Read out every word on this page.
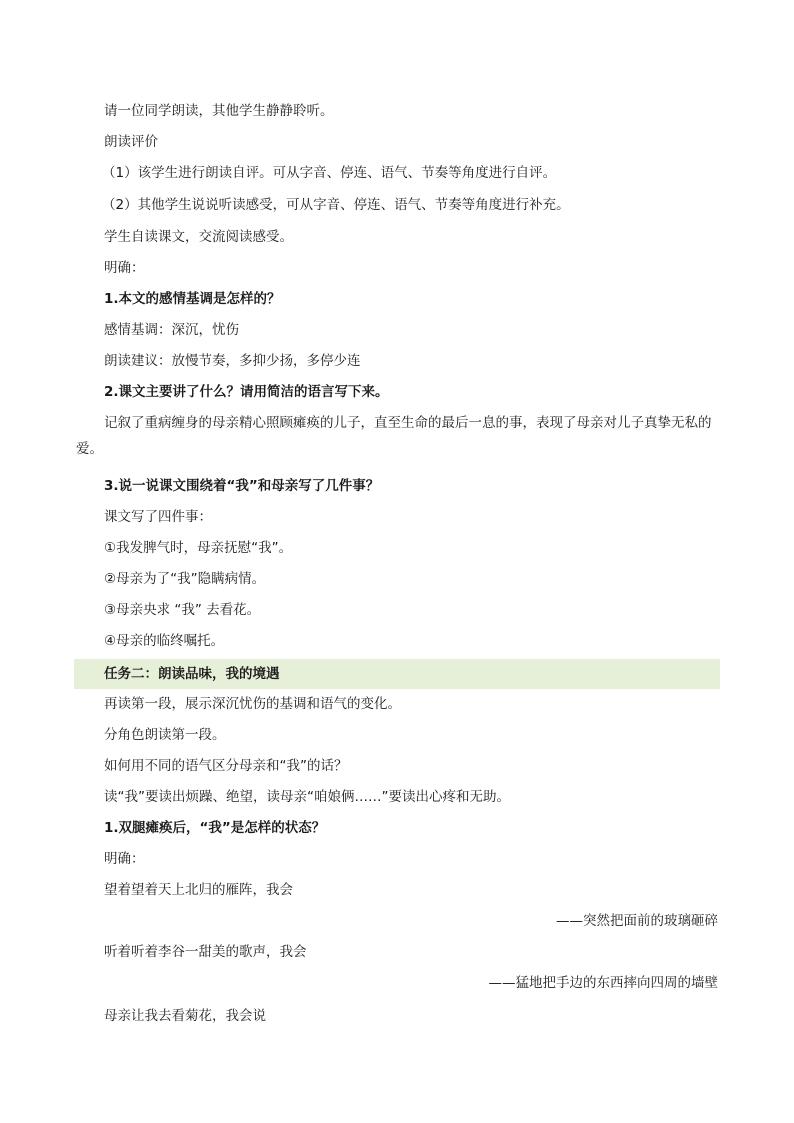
请一位同学朗读，其他学生静静聆听。
朗读评价
（1）该学生进行朗读自评。可从字音、停连、语气、节奏等角度进行自评。
（2）其他学生说说听读感受，可从字音、停连、语气、节奏等角度进行补充。
学生自读课文，交流阅读感受。
明确：
1.本文的感情基调是怎样的？
感情基调：深沉，忧伤
朗读建议：放慢节奏，多抑少扬，多停少连
2.课文主要讲了什么？请用简洁的语言写下来。
记叙了重病缠身的母亲精心照顾瘫痪的儿子，直至生命的最后一息的事，表现了母亲对儿子真挚无私的爱。
3.说一说课文围绕着“我”和母亲写了几件事？
课文写了四件事：
①我发脾气时，母亲抚慰“我”。
②母亲为了“我”隐瞒病情。
③母亲央求 “我” 去看花。
④母亲的临终嘱托。
任务二：朗读品味，我的境遇
再读第一段，展示深沉忧伤的基调和语气的变化。
分角色朗读第一段。
如何用不同的语气区分母亲和“我”的话？
读“我”要读出烦躁、绝望，读母亲“咱娘俩……”要读出心疼和无助。
1.双腿瘫痪后，“我”是怎样的状态？
明确：
望着望着天上北归的雁阵，我会
——突然把面前的玻璃砸碎
听着听着李谷一甜美的歌声，我会
——猛地把手边的东西摔向四周的墙壁
母亲让我去看菊花，我会说
